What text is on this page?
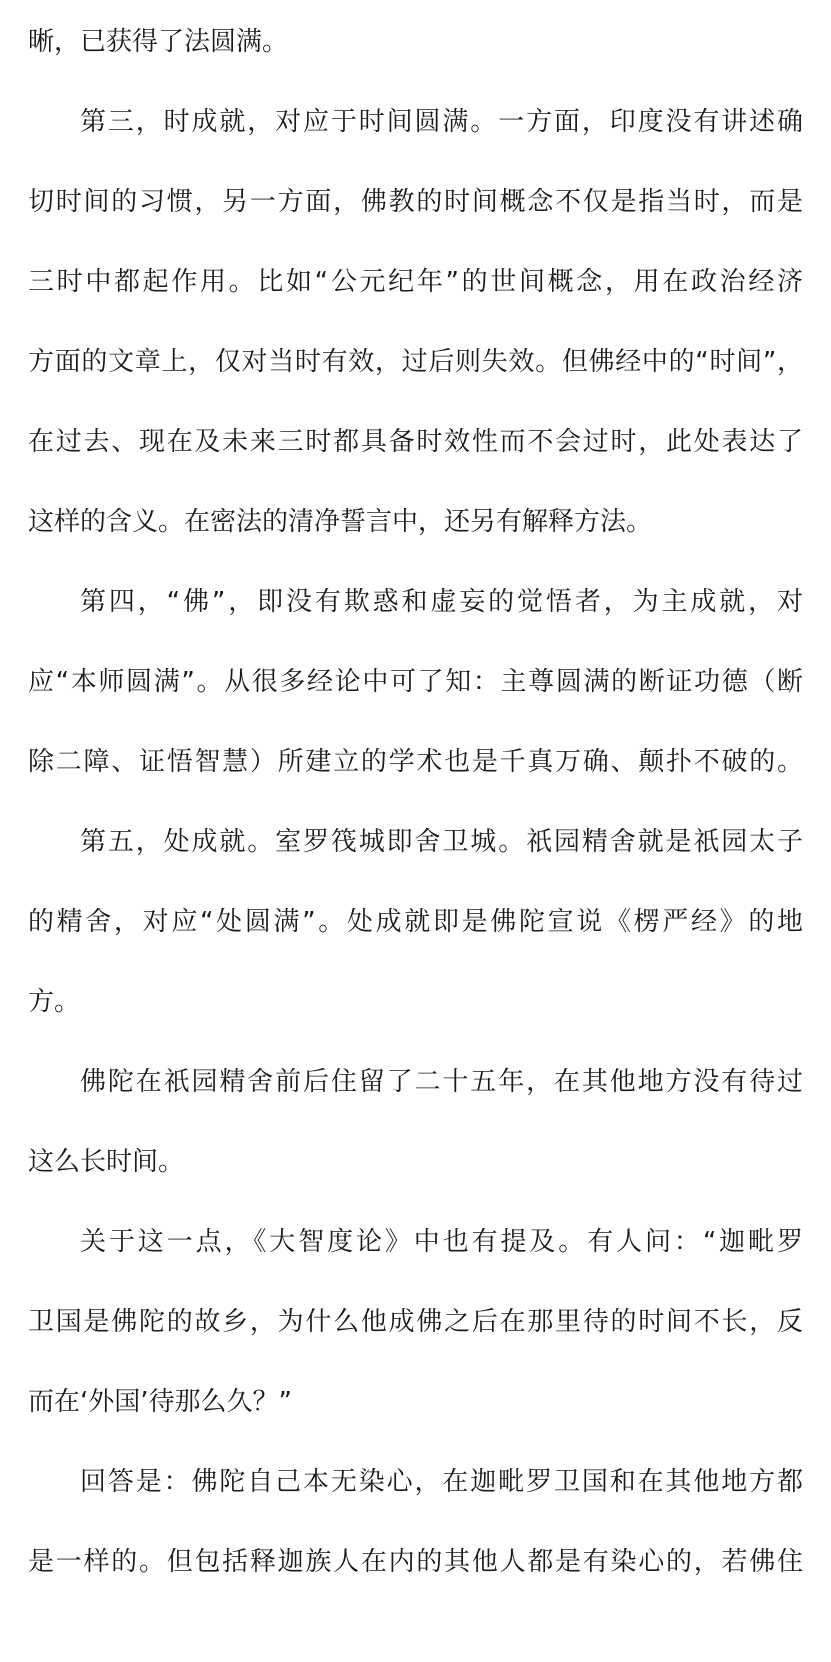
晰，已获得了法圆满。
第三，时成就，对应于时间圆满。一方面，印度没有讲述确
切时间的习惯，另一方面，佛教的时间概念不仅是指当时，而是
三时中都起作用。比如“公元纪年”的世间概念，用在政治经济
方面的文章上，仅对当时有效，过后则失效。但佛经中的“时间”，
在过去、现在及未来三时都具备时效性而不会过时，此处表达了
这样的含义。在密法的清净誓言中，还另有解释方法。
第四，“佛”，即没有欺惑和虚妄的觉悟者，为主成就，对
应“本师圆满”。从很多经论中可了知：主尊圆满的断证功德（断
除二障、证悟智慧）所建立的学术也是千真万确、颠扑不破的。
第五，处成就。室罗筏城即舍卫城。祇园精舍就是祇园太子
的精舍，对应“处圆满”。处成就即是佛陀宣说《楞严经》的地
方。
佛陀在祇园精舍前后住留了二十五年，在其他地方没有待过
这么长时间。
关于这一点，《大智度论》中也有提及。有人问：“迦毗罗
卫国是佛陀的故乡，为什么他成佛之后在那里待的时间不长，反
而在‘外国’待那么久？”
回答是：佛陀自己本无染心，在迦毗罗卫国和在其他地方都
是一样的。但包括释迦族人在内的其他人都是有染心的，若佛住
